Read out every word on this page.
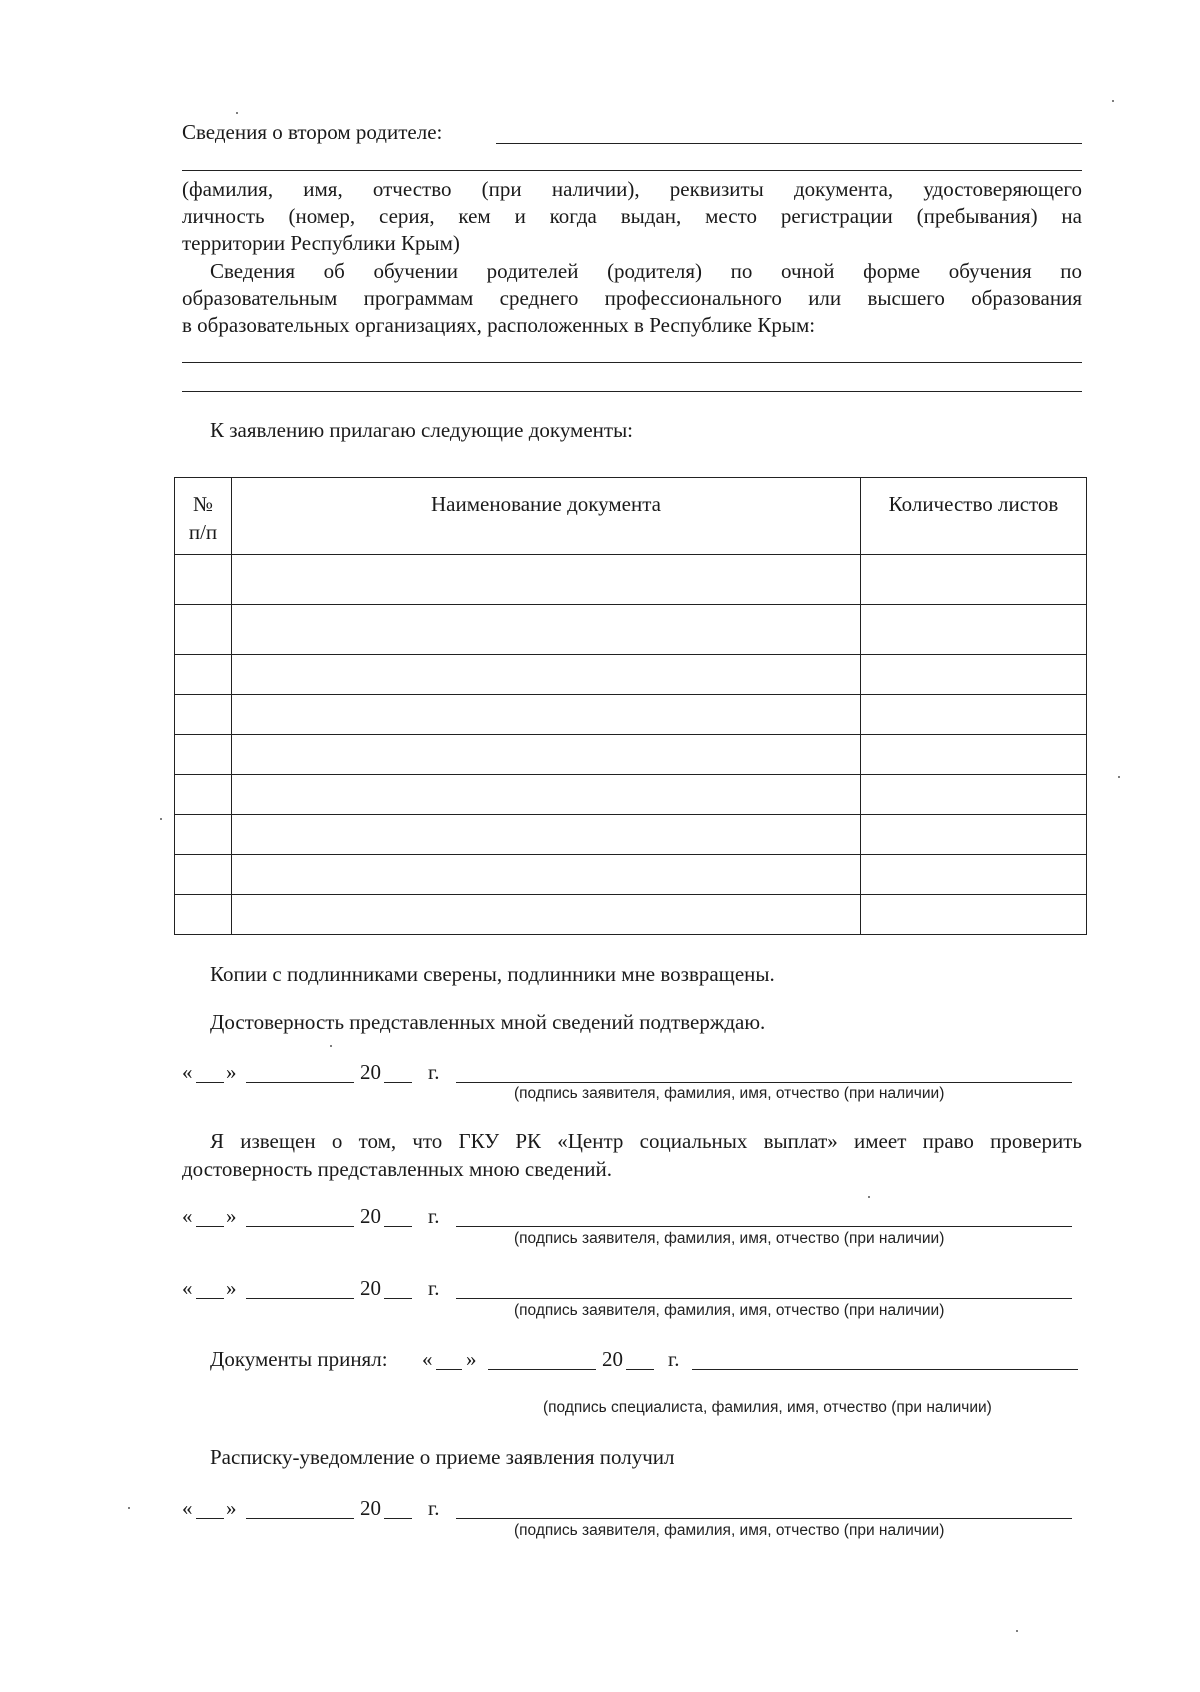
Сведения о втором родителе:
(фамилия, имя, отчество (при наличии), реквизиты документа, удостоверяющего
личность (номер, серия, кем и когда выдан, место регистрации (пребывания) на
территории Республики Крым)
Сведения об обучении родителей (родителя) по очной форме обучения по
образовательным программам среднего профессионального или высшего образования
в образовательных организациях, расположенных в Республике Крым:
К заявлению прилагаю следующие документы:
№
п/п	Наименование документа	Количество листов

Копии с подлинниками сверены, подлинники мне возвращены.
Достоверность представленных мной сведений подтверждаю.
« »	20 г.
(подпись заявителя, фамилия, имя, отчество (при наличии)
Я извещен о том, что ГКУ РК «Центр социальных выплат» имеет право проверить
достоверность представленных мною сведений.
« »	20 г.
(подпись заявителя, фамилия, имя, отчество (при наличии)
« »	20 г.
(подпись заявителя, фамилия, имя, отчество (при наличии)
Документы принял: « »	20 г.
(подпись специалиста, фамилия, имя, отчество (при наличии)
Расписку-уведомление о приеме заявления получил
« »	20 г.
(подпись заявителя, фамилия, имя, отчество (при наличии)
